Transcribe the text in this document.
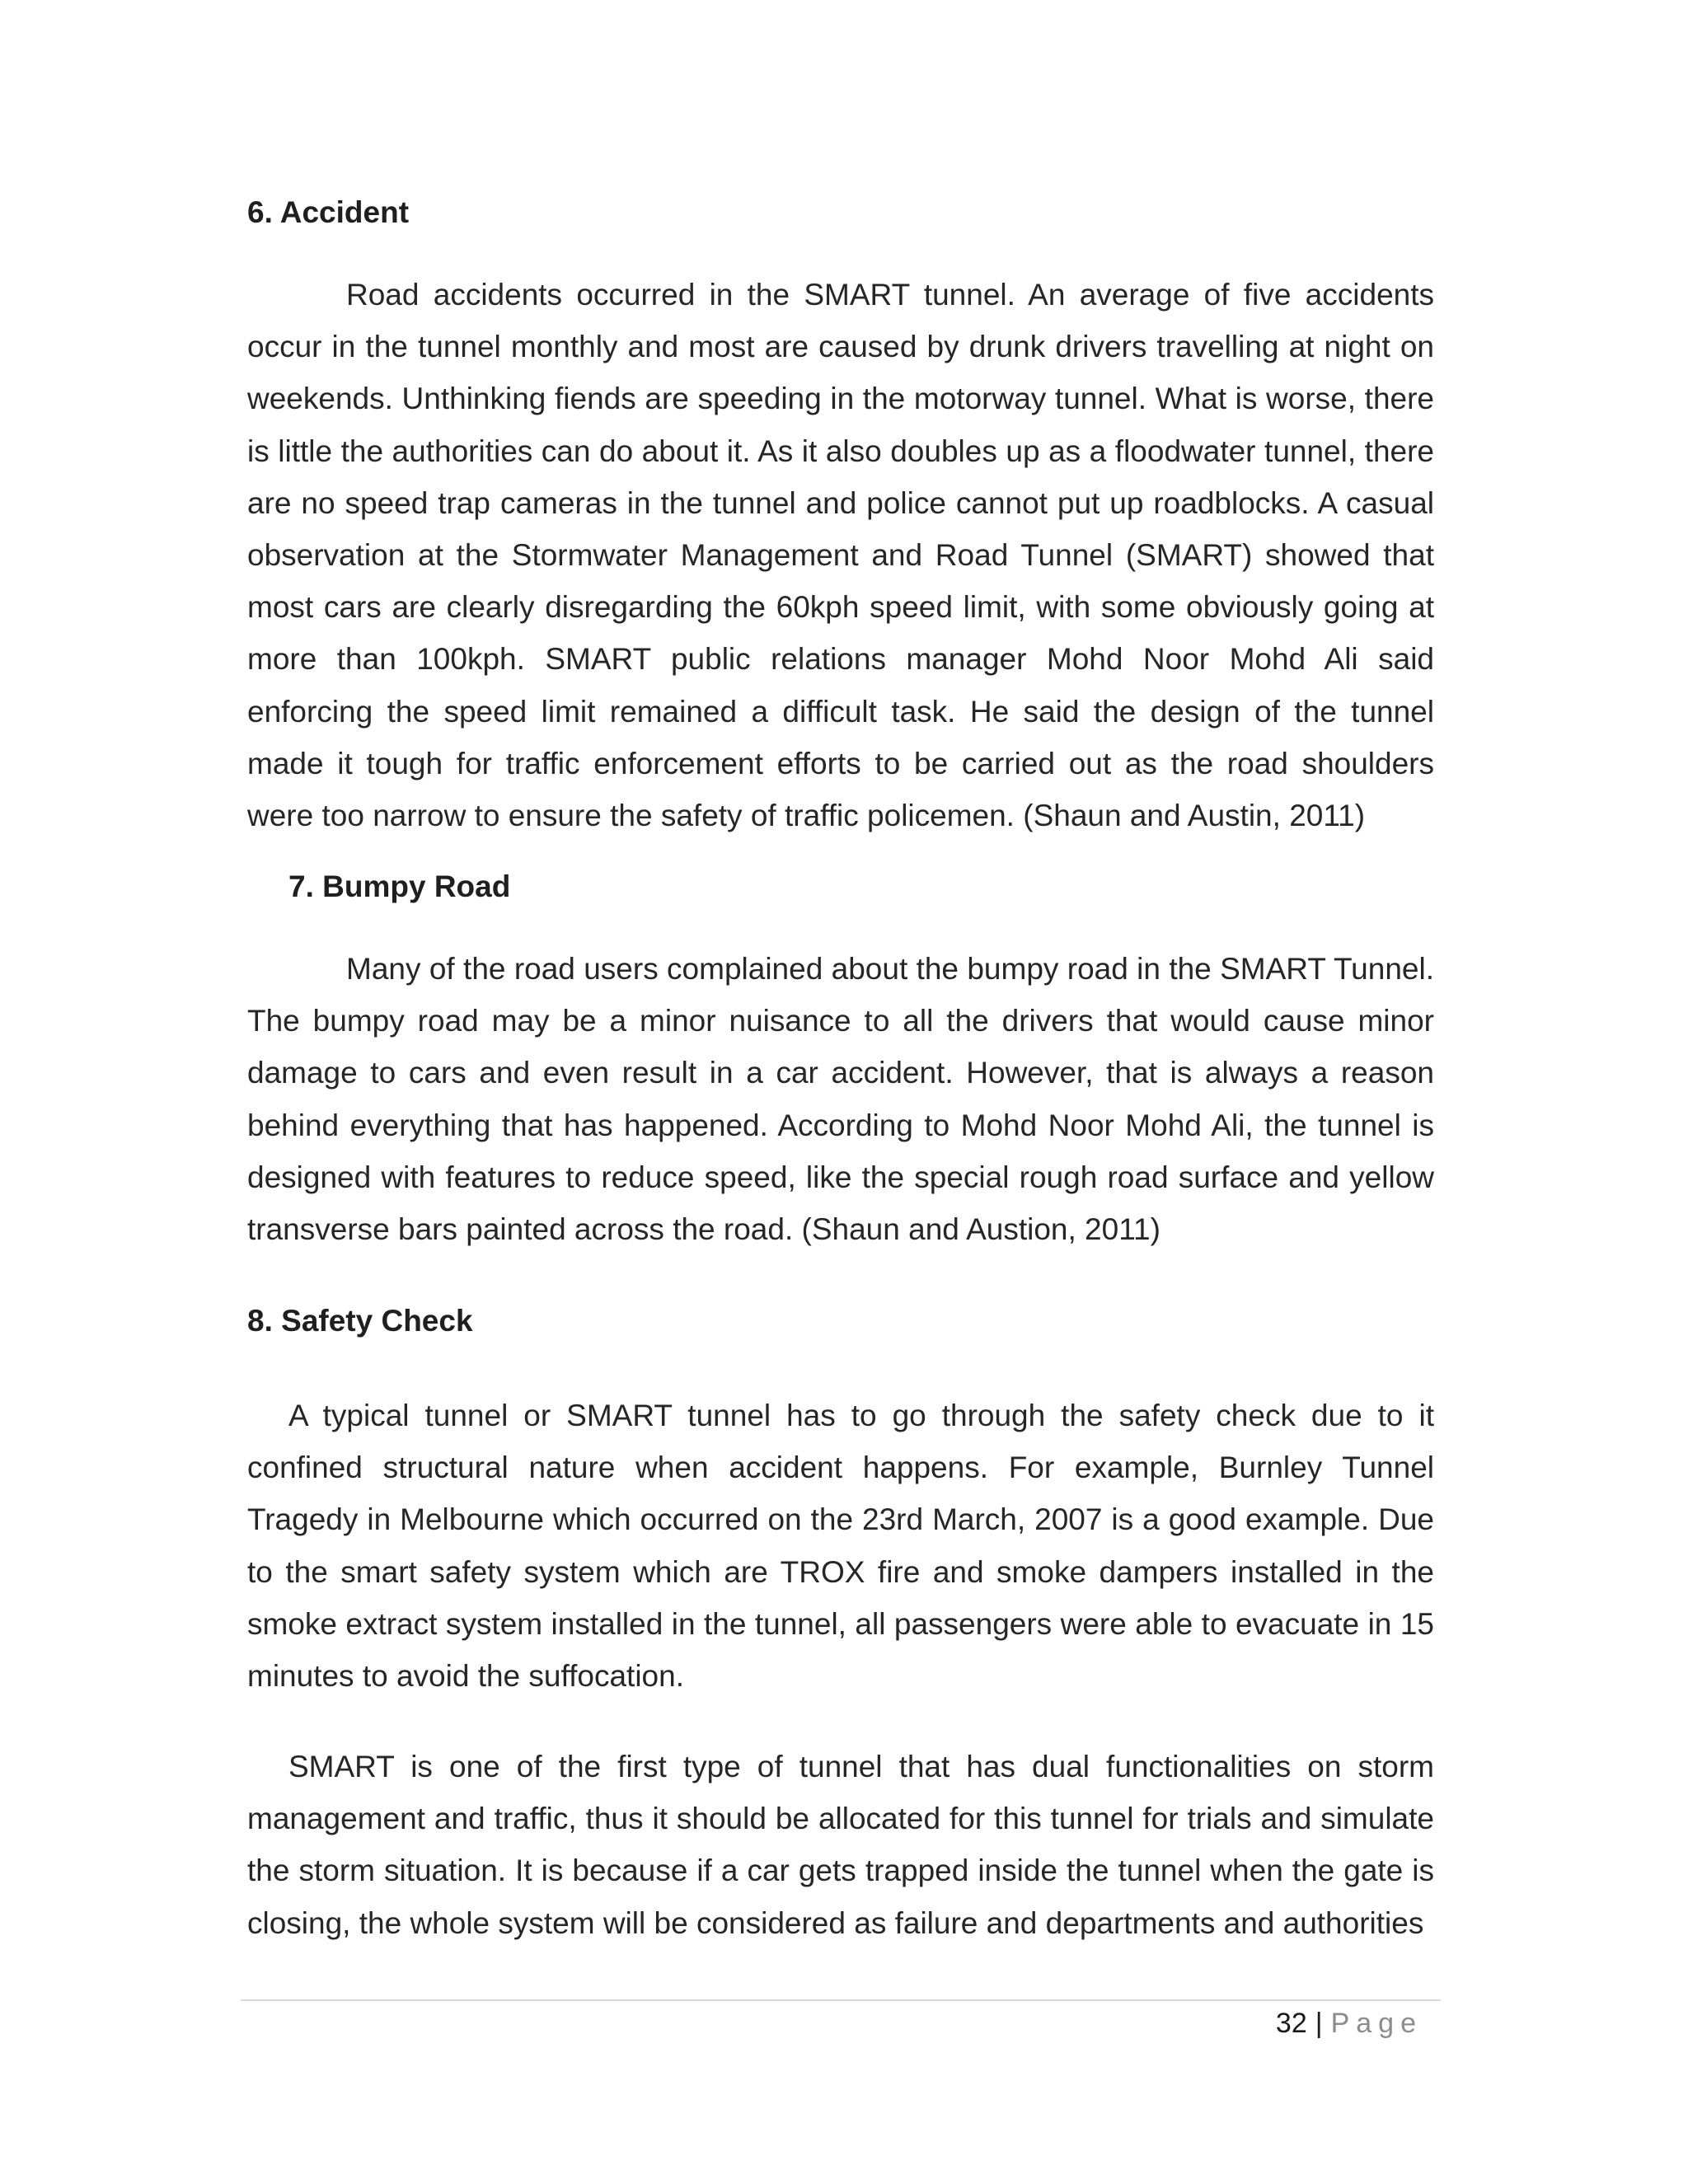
6. Accident

Road accidents occurred in the SMART tunnel. An average of five accidents occur in the tunnel monthly and most are caused by drunk drivers travelling at night on weekends. Unthinking fiends are speeding in the motorway tunnel. What is worse, there is little the authorities can do about it. As it also doubles up as a floodwater tunnel, there are no speed trap cameras in the tunnel and police cannot put up roadblocks. A casual observation at the Stormwater Management and Road Tunnel (SMART) showed that most cars are clearly disregarding the 60kph speed limit, with some obviously going at more than 100kph. SMART public relations manager Mohd Noor Mohd Ali said enforcing the speed limit remained a difficult task. He said the design of the tunnel made it tough for traffic enforcement efforts to be carried out as the road shoulders were too narrow to ensure the safety of traffic policemen. (Shaun and Austin, 2011)

7. Bumpy Road

Many of the road users complained about the bumpy road in the SMART Tunnel. The bumpy road may be a minor nuisance to all the drivers that would cause minor damage to cars and even result in a car accident. However, that is always a reason behind everything that has happened. According to Mohd Noor Mohd Ali, the tunnel is designed with features to reduce speed, like the special rough road surface and yellow transverse bars painted across the road. (Shaun and Austion, 2011)

8. Safety Check

A typical tunnel or SMART tunnel has to go through the safety check due to it confined structural nature when accident happens. For example, Burnley Tunnel Tragedy in Melbourne which occurred on the 23rd March, 2007 is a good example. Due to the smart safety system which are TROX fire and smoke dampers installed in the smoke extract system installed in the tunnel, all passengers were able to evacuate in 15 minutes to avoid the suffocation.

SMART is one of the first type of tunnel that has dual functionalities on storm management and traffic, thus it should be allocated for this tunnel for trials and simulate the storm situation. It is because if a car gets trapped inside the tunnel when the gate is closing, the whole system will be considered as failure and departments and authorities

32 | Page
